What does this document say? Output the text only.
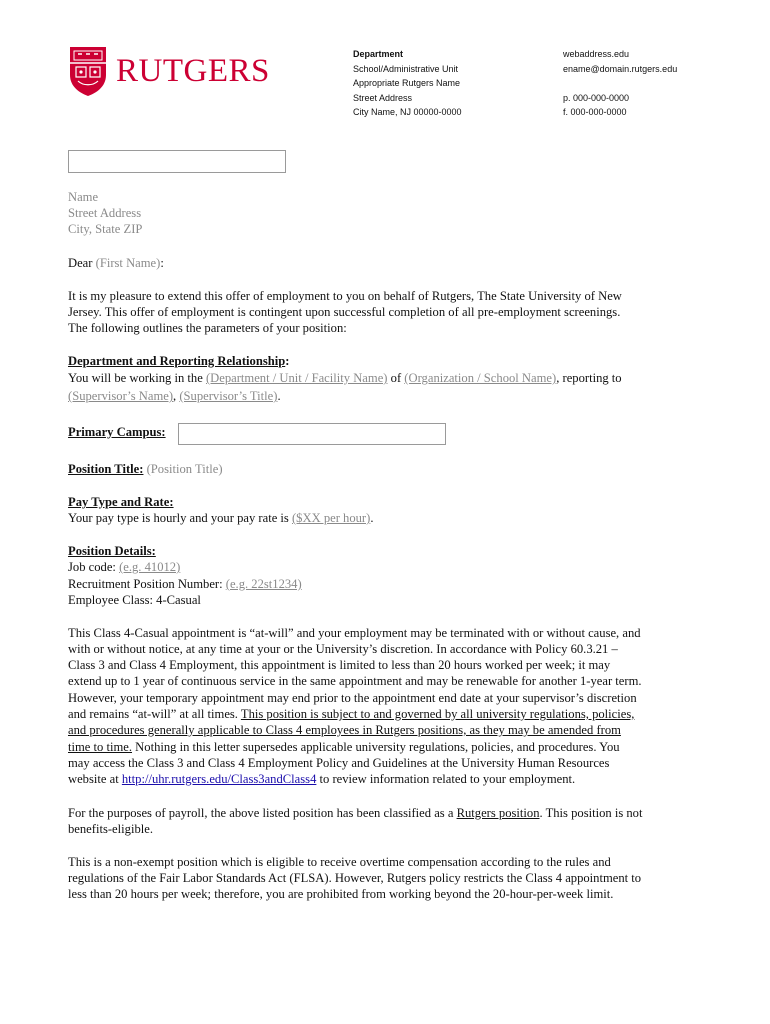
RUTGERS	Department
School/Administrative Unit
Appropriate Rutgers Name
Street Address
City Name, NJ 00000-0000
webaddress.edu
ename@domain.rutgers.edu
p. 000-000-0000
f. 000-000-0000
Name
Street Address
City, State ZIP
Dear (First Name):
It is my pleasure to extend this offer of employment to you on behalf of Rutgers, The State University of New
Jersey. This offer of employment is contingent upon successful completion of all pre-employment screenings.
The following outlines the parameters of your position:
Department and Reporting Relationship:
You will be working in the (Department / Unit / Facility Name) of (Organization / School Name), reporting to
(Supervisor’s Name), (Supervisor’s Title).
Primary Campus:
Position Title: (Position Title)
Pay Type and Rate:
Your pay type is hourly and your pay rate is ($XX per hour).
Position Details:
Job code: (e.g. 41012)
Recruitment Position Number: (e.g. 22st1234)
Employee Class: 4-Casual
This Class 4-Casual appointment is “at-will” and your employment may be terminated with or without cause, and
with or without notice, at any time at your or the University’s discretion. In accordance with Policy 60.3.21 –
Class 3 and Class 4 Employment, this appointment is limited to less than 20 hours worked per week; it may
extend up to 1 year of continuous service in the same appointment and may be renewable for another 1-year term.
However, your temporary appointment may end prior to the appointment end date at your supervisor’s discretion
and remains “at-will” at all times. This position is subject to and governed by all university regulations, policies,
and procedures generally applicable to Class 4 employees in Rutgers positions, as they may be amended from
time to time. Nothing in this letter supersedes applicable university regulations, policies, and procedures. You
may access the Class 3 and Class 4 Employment Policy and Guidelines at the University Human Resources
website at http://uhr.rutgers.edu/Class3andClass4 to review information related to your employment.
For the purposes of payroll, the above listed position has been classified as a Rutgers position. This position is not
benefits-eligible.
This is a non-exempt position which is eligible to receive overtime compensation according to the rules and
regulations of the Fair Labor Standards Act (FLSA). However, Rutgers policy restricts the Class 4 appointment to
less than 20 hours per week; therefore, you are prohibited from working beyond the 20-hour-per-week limit.
